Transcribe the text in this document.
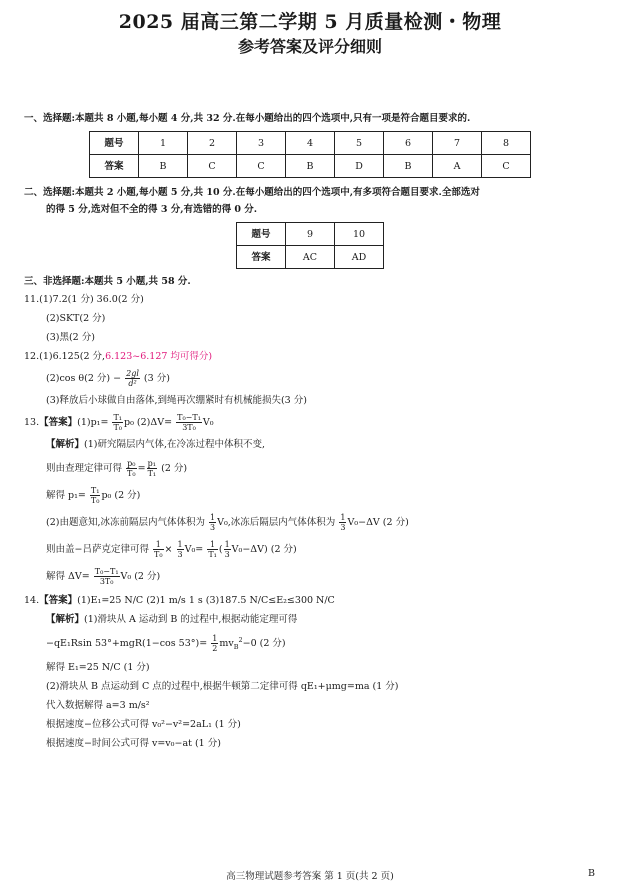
2025 届高三第二学期 5 月质量检测・物理
参考答案及评分细则
一、选择题:本题共 8 小题,每小题 4 分,共 32 分.在每小题给出的四个选项中,只有一项是符合题目要求的.
题号	1	2	3	4	5	6	7	8
答案	B	C	C	B	D	B	A	C
二、选择题:本题共 2 小题,每小题 5 分,共 10 分.在每小题给出的四个选项中,有多项符合题目要求.全部选对
的得 5 分,选对但不全的得 3 分,有选错的得 0 分.
题号	9	10
答案	AC	AD
三、非选择题:本题共 5 小题,共 58 分.
11.(1)7.2(1 分) 36.0(2 分)
(2)SKT(2 分)
(3)黑(2 分)
12.(1)6.125(2 分,6.123~6.127 均可得分)
(2)cos θ(2 分) − $\frac{2gl}{\text{d²}} (3$ 分)
(3)释放后小球做自由落体,到绳再次绷紧时有机械能损失(3 分)
13.【答案】$(1)p_1= \frac{\text{T₁}}{\text{T₀}} p_0$ $(2)\Delta V= \frac{\text{T₀−T₁}}{\text{3T₀}} V_0$
【解析】(1)研究隔层内气体,在冷冻过程中体积不变,
则由查理定律可得 $\frac{\text{p₀}}{\text{T₀}} = \frac{\text{p₁}}{\text{T₁}} (2$ 分)
解得 $p_1= \frac{\text{T₁}}{\text{T₀}} p_0$ (2 分)
(2)由题意知,冰冻前隔层内气体体积为 $\frac{1}{3} V_0$,冰冻后隔层内气体体积为 $\frac{1}{3} V_0-\Delta V$ (2 分)
则由盖−吕萨克定律可得 $\frac{1}{\text{T₀}} \times \frac{1}{3} V_0= \frac{1}{\text{T₁}}$ ( $\frac{1}{3} V_0-\Delta V$) (2 分)
解得 $\Delta V= \frac{\text{T₀−T₁}}{\text{3T₀}} V_0$ (2 分)
14.【答案】(1)E₁=25 N/C (2)1 m/s 1 s (3)187.5 N/C≤E₂≤300 N/C
【解析】(1)滑块从 A 运动到 B 的过程中,根据动能定理可得
−qE₁Rsin 53°+mgR(1−cos $53^\circ)= \frac{1}{2} mv_B^2-0$ (2 分)
解得 E₁=25 N/C (1 分)
(2)滑块从 B 点运动到 C 点的过程中,根据牛顿第二定律可得 qE₁+μmg=ma (1 分)
代入数据解得 a=3 m/s²
根据速度−位移公式可得 v₀²−v²=2aL₁ (1 分)
根据速度−时间公式可得 v=v₀−at (1 分)
高三物理试题参考答案 第 1 页(共 2 页)	B
